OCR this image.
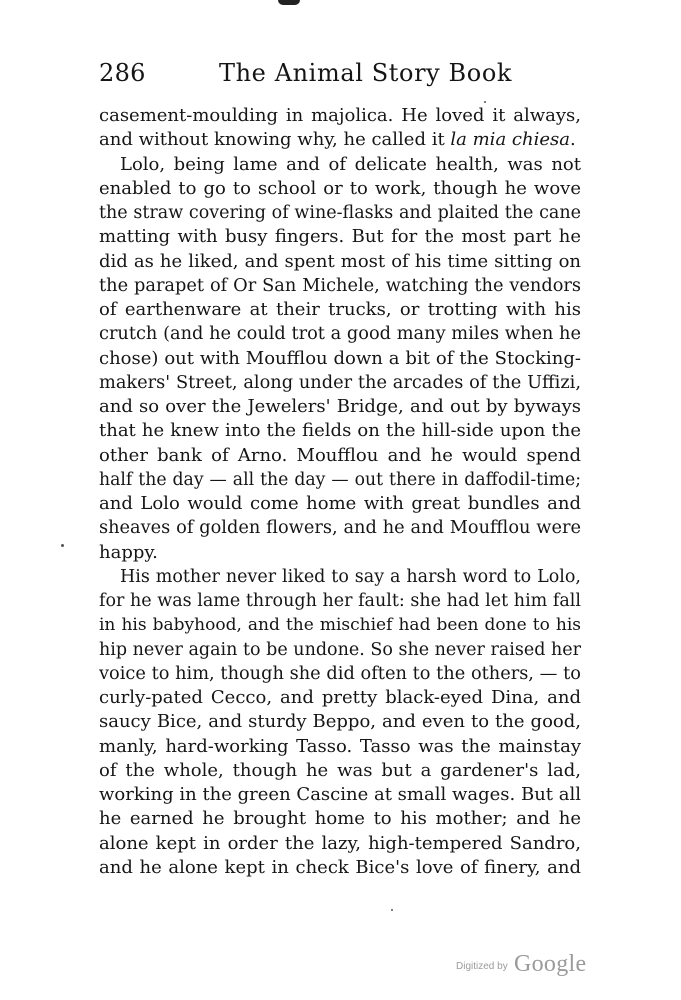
286	The Animal Story Book
casement-moulding in majolica. He loved it always,
and without knowing why, he called it la mia chiesa.
Lolo, being lame and of delicate health, was not
enabled to go to school or to work, though he wove
the straw covering of wine-flasks and plaited the cane
matting with busy fingers. But for the most part he
did as he liked, and spent most of his time sitting on
the parapet of Or San Michele, watching the vendors
of earthenware at their trucks, or trotting with his
crutch (and he could trot a good many miles when he
chose) out with Moufflou down a bit of the Stocking-
makers' Street, along under the arcades of the Uffizi,
and so over the Jewelers' Bridge, and out by byways
that he knew into the fields on the hill-side upon the
other bank of Arno. Moufflou and he would spend
half the day — all the day — out there in daffodil-time;
and Lolo would come home with great bundles and
sheaves of golden flowers, and he and Moufflou were
happy.
His mother never liked to say a harsh word to Lolo,
for he was lame through her fault: she had let him fall
in his babyhood, and the mischief had been done to his
hip never again to be undone. So she never raised her
voice to him, though she did often to the others, — to
curly-pated Cecco, and pretty black-eyed Dina, and
saucy Bice, and sturdy Beppo, and even to the good,
manly, hard-working Tasso. Tasso was the mainstay
of the whole, though he was but a gardener's lad,
working in the green Cascine at small wages. But all
he earned he brought home to his mother; and he
alone kept in order the lazy, high-tempered Sandro,
and he alone kept in check Bice's love of finery, and
Digitized by Google
